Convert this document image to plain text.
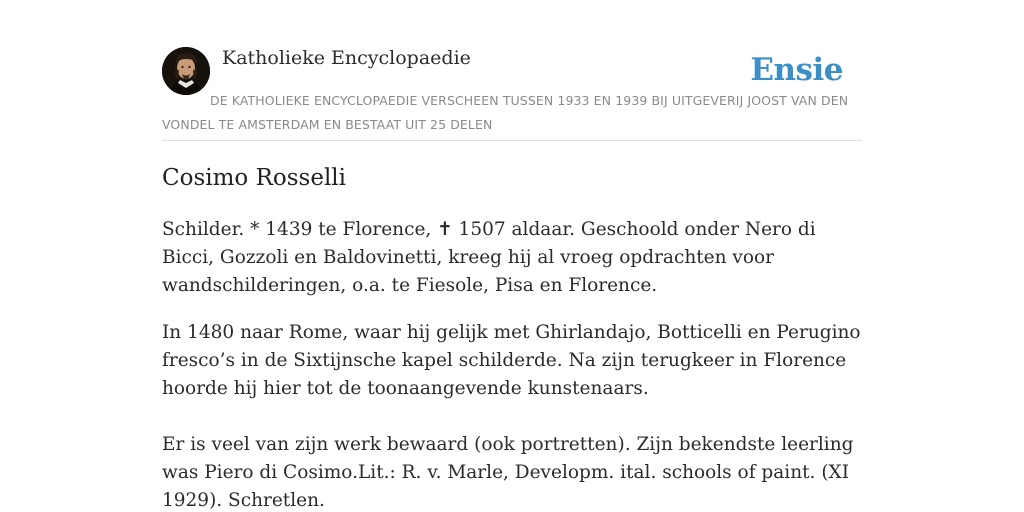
Katholieke Encyclopaedie	Ensie
DE KATHOLIEKE ENCYCLOPAEDIE VERSCHEEN TUSSEN 1933 EN 1939 BIJ UITGEVERIJ JOOST VAN DEN VONDEL TE AMSTERDAM EN BESTAAT UIT 25 DELEN
Cosimo Rosselli

Schilder. * 1439 te Florence, ✝ 1507 aldaar. Geschoold onder Nero di Bicci, Gozzoli en Baldovinetti, kreeg hij al vroeg opdrachten voor wandschilderingen, o.a. te Fiesole, Pisa en Florence.

In 1480 naar Rome, waar hij gelijk met Ghirlandajo, Botticelli en Perugino fresco’s in de Sixtijnsche kapel schilderde. Na zijn terugkeer in Florence hoorde hij hier tot de toonaangevende kunstenaars.

Er is veel van zijn werk bewaard (ook portretten). Zijn bekendste leerling was Piero di Cosimo.Lit.: R. v. Marle, Developm. ital. schools of paint. (XI 1929). Schretlen.
